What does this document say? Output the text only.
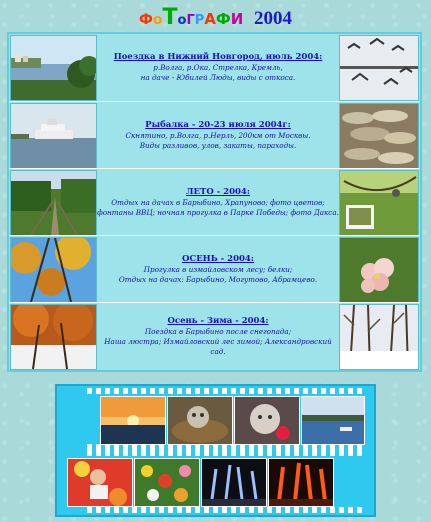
ФоТоГРАФИ 2004
Поездка в Нижний Новгород, июль 2004:
р.Волга, р.Ока, Стрелка, Кремль,
на даче - Юбилей Люды, виды с откоса.
Рыбалка - 20-23 июля 2004г:
Скнятино, р.Волга, р.Нерль, 200км от Москвы.
Виды разливов, улов, закаты, параходы.
ЛЕТО - 2004:
Отдых на дачах в Барыбино, Храпуново; фото цветов;
фонтаны ВВЦ; ночная прогулка в Парке Победы; фото Дакса.
ОСЕНЬ - 2004:
Прогулка в измайловском лесу; белки;
Отдых на дачах: Барыбино, Могутово, Абрамцево.
Осень - Зима - 2004:
Поездка в Барыбино после снегопада;
Наша люстра; Измайловский лес зимой; Александровский сад.
